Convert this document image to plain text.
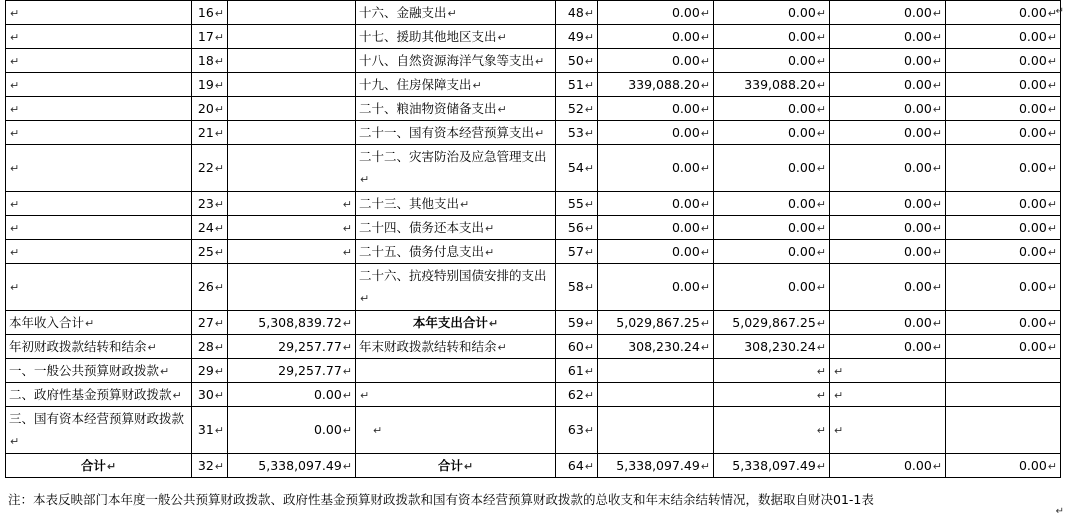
↵	16↵		十六、金融支出↵	48↵	0.00↵	0.00↵	0.00↵	0.00↵
↵	17↵		十七、援助其他地区支出↵	49↵	0.00↵	0.00↵	0.00↵	0.00↵
↵	18↵		十八、自然资源海洋气象等支出↵	50↵	0.00↵	0.00↵	0.00↵	0.00↵
↵	19↵		十九、住房保障支出↵	51↵	339,088.20↵	339,088.20↵	0.00↵	0.00↵
↵	20↵		二十、粮油物资储备支出↵	52↵	0.00↵	0.00↵	0.00↵	0.00↵
↵	21↵		二十一、国有资本经营预算支出↵	53↵	0.00↵	0.00↵	0.00↵	0.00↵
↵	22↵		二十二、灾害防治及应急管理支出↵	54↵	0.00↵	0.00↵	0.00↵	0.00↵
↵	23↵	↵	二十三、其他支出↵	55↵	0.00↵	0.00↵	0.00↵	0.00↵
↵	24↵	↵	二十四、债务还本支出↵	56↵	0.00↵	0.00↵	0.00↵	0.00↵
↵	25↵	↵	二十五、债务付息支出↵	57↵	0.00↵	0.00↵	0.00↵	0.00↵
↵	26↵		二十六、抗疫特别国债安排的支出↵	58↵	0.00↵	0.00↵	0.00↵	0.00↵
本年收入合计↵	27↵	5,308,839.72↵	本年支出合计↵	59↵	5,029,867.25↵	5,029,867.25↵	0.00↵	0.00↵
年初财政拨款结转和结余↵	28↵	29,257.77↵	年末财政拨款结转和结余↵	60↵	308,230.24↵	308,230.24↵	0.00↵	0.00↵
一、一般公共预算财政拨款↵	29↵	29,257.77↵		61↵		↵	↵	
二、政府性基金预算财政拨款↵	30↵	0.00↵	↵	62↵		↵	↵	
三、国有资本经营预算财政拨款↵	31↵	0.00↵	↵	63↵		↵	↵	
合计↵	32↵	5,338,097.49↵	合计↵	64↵	5,338,097.49↵	5,338,097.49↵	0.00↵	0.00↵
注：本表反映部门本年度一般公共预算财政拨款、政府性基金预算财政拨款和国有资本经营预算财政拨款的总收支和年末结余结转情况，数据取自财决01-1表
↵
↵
